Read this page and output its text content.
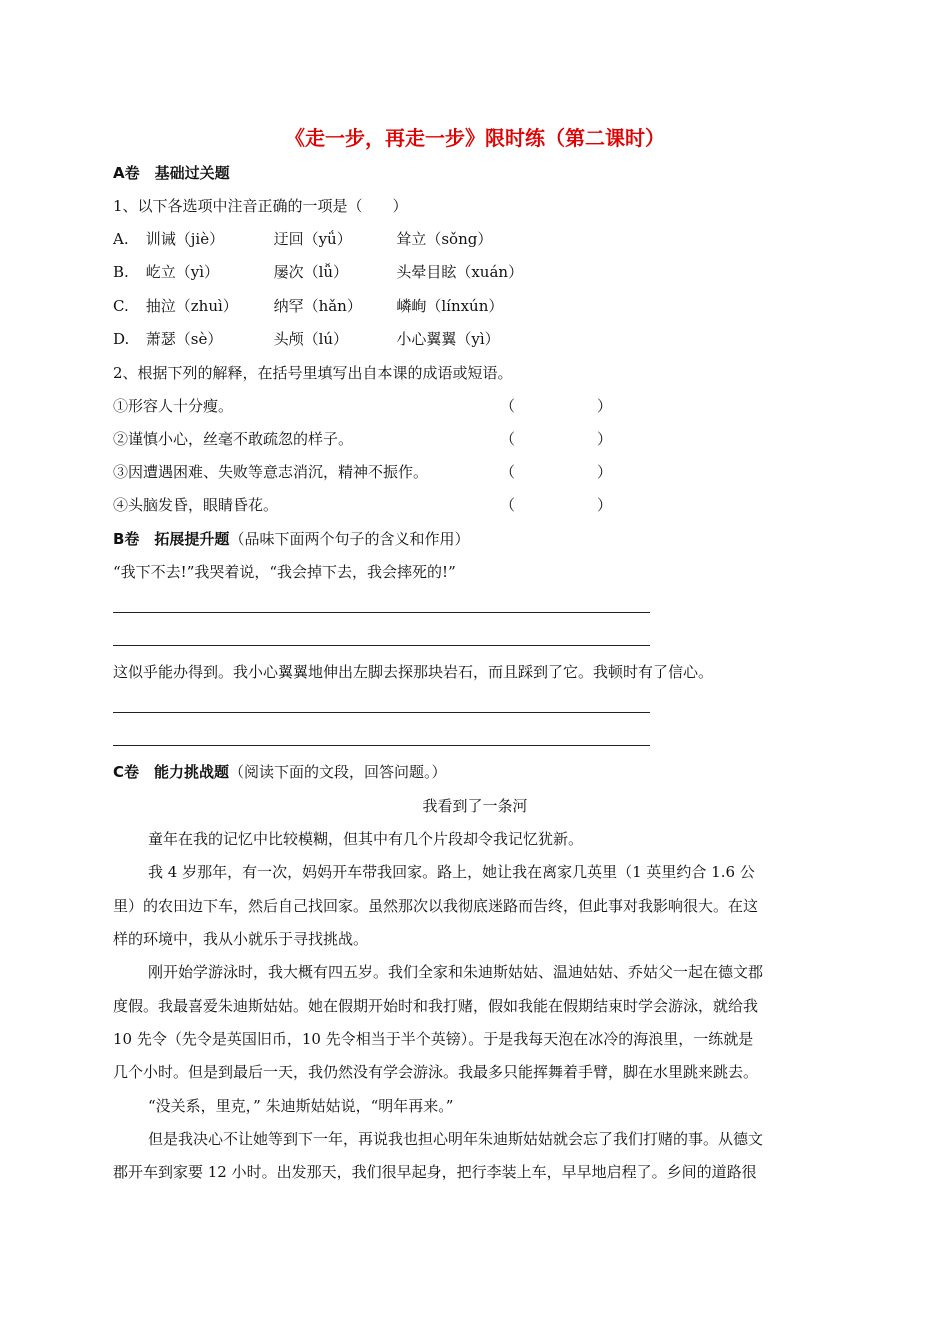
《走一步，再走一步》限时练（第二课时）
A卷　基础过关题
1、以下各选项中注音正确的一项是（　　）
A. 训诫（jiè）	迂回（yǘ）	耸立（sǒng）
B. 屹立（yì）	屡次（lǚ）	头晕目眩（xuán）
C. 抽泣（zhuì） 纳罕（hǎn） 嶙峋（línxún）
D. 萧瑟（sè）	头颅（lú）	小心翼翼（yì）
2、根据下列的解释，在括号里填写出自本课的成语或短语。
①形容人十分瘦。	（	）
②谨慎小心，丝毫不敢疏忽的样子。	（	）
③因遭遇困难、失败等意志消沉，精神不振作。	（	）
④头脑发昏，眼睛昏花。	（	）
B卷　拓展提升题（品味下面两个句子的含义和作用）
“我下不去!”我哭着说，“我会掉下去，我会摔死的!”
这似乎能办得到。我小心翼翼地伸出左脚去探那块岩石，而且踩到了它。我顿时有了信心。
C卷　能力挑战题（阅读下面的文段，回答问题。）
我看到了一条河
童年在我的记忆中比较模糊，但其中有几个片段却令我记忆犹新。
我 4 岁那年，有一次，妈妈开车带我回家。路上，她让我在离家几英里（1 英里约合 1.6 公
里）的农田边下车，然后自己找回家。虽然那次以我彻底迷路而告终，但此事对我影响很大。在这
样的环境中，我从小就乐于寻找挑战。
刚开始学游泳时，我大概有四五岁。我们全家和朱迪斯姑姑、温迪姑姑、乔姑父一起在德文郡
度假。我最喜爱朱迪斯姑姑。她在假期开始时和我打赌，假如我能在假期结束时学会游泳，就给我
10 先令（先令是英国旧币，10 先令相当于半个英镑）。于是我每天泡在冰冷的海浪里，一练就是
几个小时。但是到最后一天，我仍然没有学会游泳。我最多只能挥舞着手臂，脚在水里跳来跳去。
“没关系，里克，” 朱迪斯姑姑说，“明年再来。”
但是我决心不让她等到下一年，再说我也担心明年朱迪斯姑姑就会忘了我们打赌的事。从德文
郡开车到家要 12 小时。出发那天，我们很早起身，把行李装上车，早早地启程了。乡间的道路很
